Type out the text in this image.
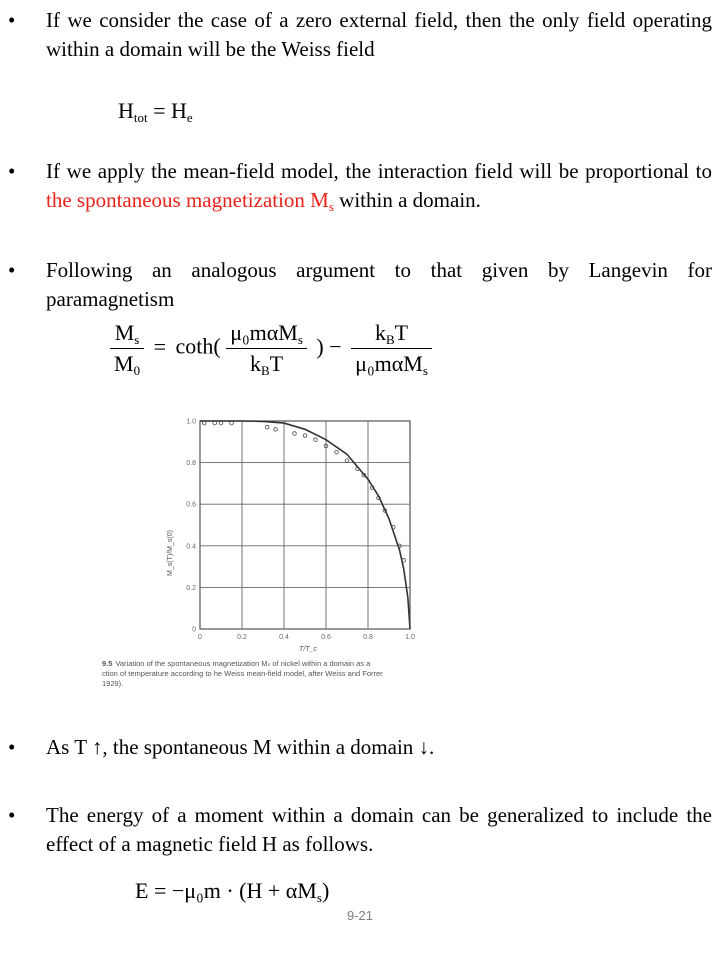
• If we consider the case of a zero external field, then the only field operating within a domain will be the Weiss field
$H_{tot} = H_e$
• If we apply the mean-field model, the interaction field will be proportional to the spontaneous magnetization $M_s$ within a domain.
• Following an analogous argument to that given by Langevin for paramagnetism
$\frac{M_s}{M_0} = \cot h( \frac{\mu_0m\alpha M_s}{k_BT}$ ) − $\frac{k_BT}{\mu_0m\alpha M_s}$
0	0.2	0.4	0.6	0.8	1.0
0
0.2
0.4
0.6
0.8
1.0
M_s(T)/M_s(0)
T/T_c
9.5 Variation of the spontaneous magnetization Mₛ of nickel within a domain as a
ction of temperature according to he Weiss mean-field model, after Weiss and Forrer
1929).
• As T ↑, the spontaneous M within a domain ↓.
• The energy of a moment within a domain can be generalized to include the effect of a magnetic field H as follows.
$E = -\mu_0m \cdot (H + \alpha M_s)$
9-21
